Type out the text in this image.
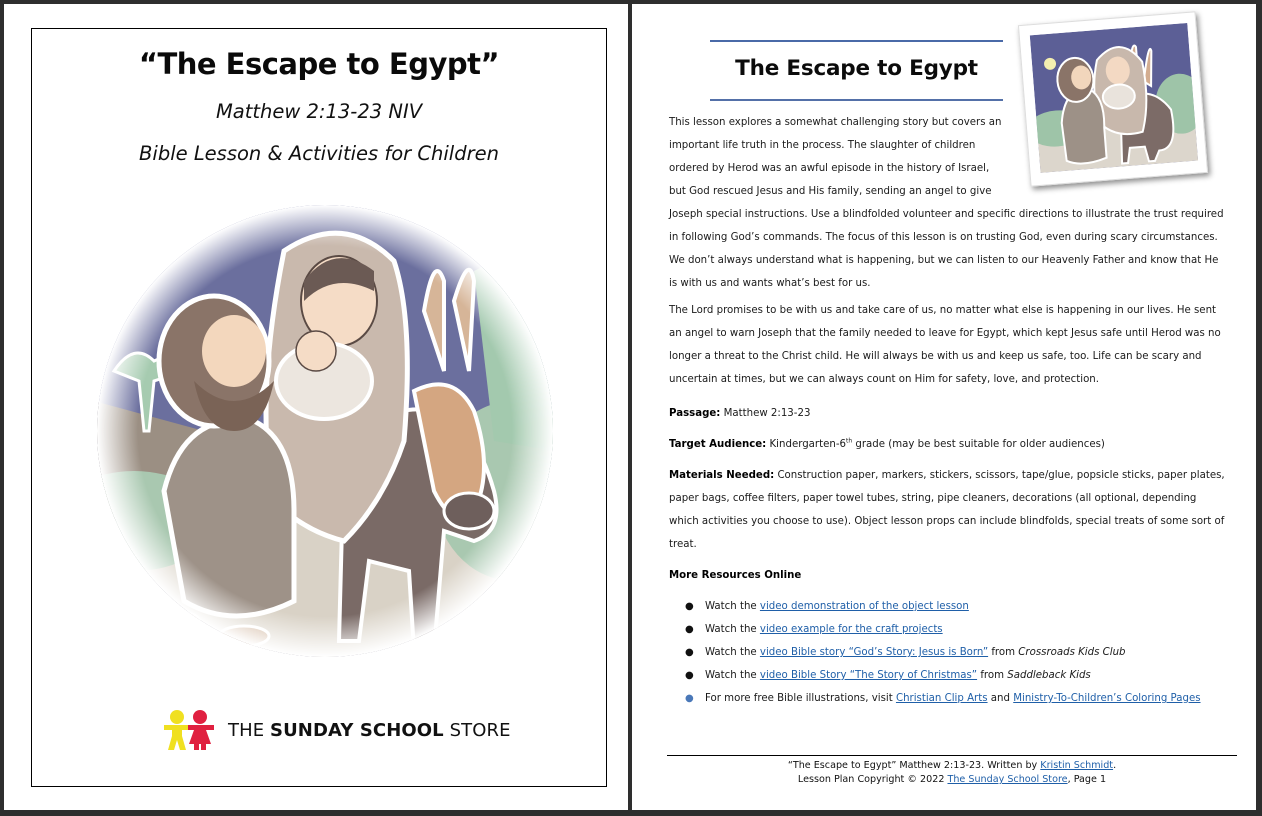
“The Escape to Egypt”
Matthew 2:13-23 NIV
Bible Lesson & Activities for Children
THE SUNDAY SCHOOL STORE
The Escape to Egypt
This lesson explores a somewhat challenging story but covers an
important life truth in the process. The slaughter of children
ordered by Herod was an awful episode in the history of Israel,
but God rescued Jesus and His family, sending an angel to give
Joseph special instructions. Use a blindfolded volunteer and specific directions to illustrate the trust required in following God’s commands. The focus of this lesson is on trusting God, even during scary circumstances. We don’t always understand what is happening, but we can listen to our Heavenly Father and know that He is with us and wants what’s best for us.
The Lord promises to be with us and take care of us, no matter what else is happening in our lives. He sent an angel to warn Joseph that the family needed to leave for Egypt, which kept Jesus safe until Herod was no longer a threat to the Christ child. He will always be with us and keep us safe, too. Life can be scary and uncertain at times, but we can always count on Him for safety, love, and protection.
Passage: Matthew 2:13-23
Target Audience: Kindergarten-6th grade (may be best suitable for older audiences)
Materials Needed: Construction paper, markers, stickers, scissors, tape/glue, popsicle sticks, paper plates, paper bags, coffee filters, paper towel tubes, string, pipe cleaners, decorations (all optional, depending which activities you choose to use). Object lesson props can include blindfolds, special treats of some sort of treat.
More Resources Online
● Watch the video demonstration of the object lesson
● Watch the video example for the craft projects
● Watch the video Bible story “God’s Story: Jesus is Born” from Crossroads Kids Club
● Watch the video Bible Story “The Story of Christmas” from Saddleback Kids
● For more free Bible illustrations, visit Christian Clip Arts and Ministry-To-Children’s Coloring Pages
“The Escape to Egypt” Matthew 2:13-23. Written by Kristin Schmidt.
Lesson Plan Copyright © 2022 The Sunday School Store, Page 1
